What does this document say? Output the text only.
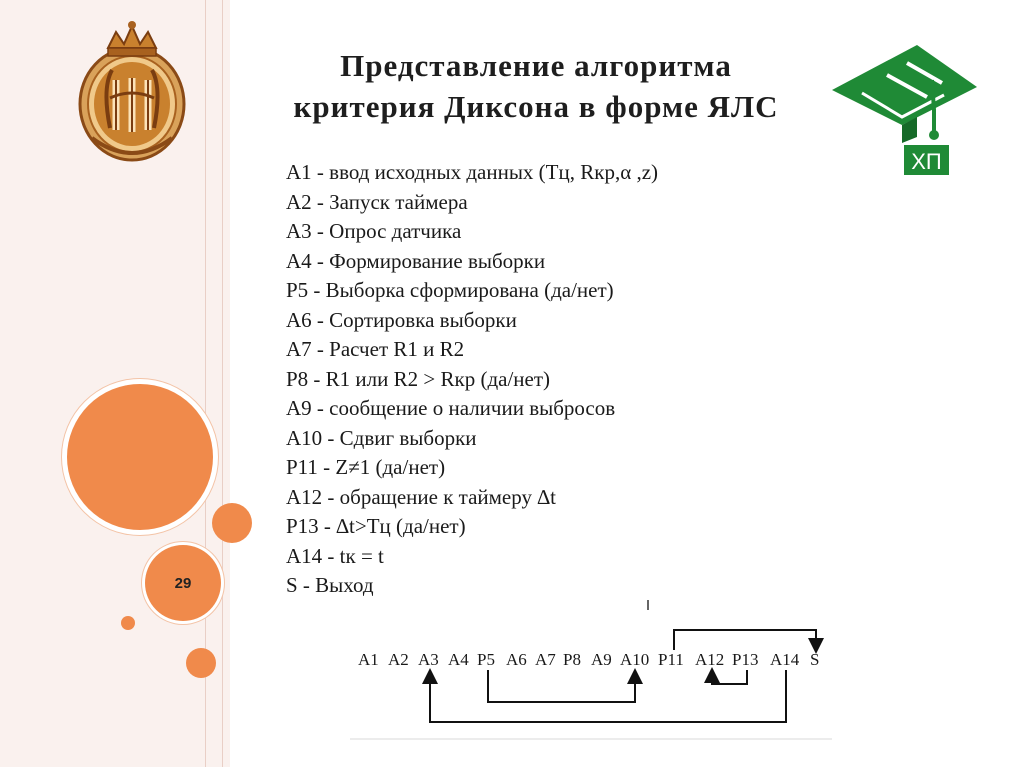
29
ХП
Представление алгоритма
критерия Диксона в форме ЯЛС
А1 - ввод исходных данных (Тц, Rкр,α ,z)
А2 - Запуск таймера
А3 - Опрос датчика
А4 - Формирование выборки
Р5 - Выборка сформирована (да/нет)
А6 - Сортировка выборки
А7 - Расчет R1 и R2
Р8 - R1 или R2 > Rкр (да/нет)
А9 - сообщение о наличии выбросов
А10 - Сдвиг выборки
Р11 - Z≠1 (да/нет)
А12 - обращение к таймеру ∆t
Р13 - ∆t>Тц (да/нет)
А14 - tк = t
S - Выход
А1 А2 А3 А4 Р5 А6 А7 Р8 А9 А10 Р11 А12 Р13 А14 S
